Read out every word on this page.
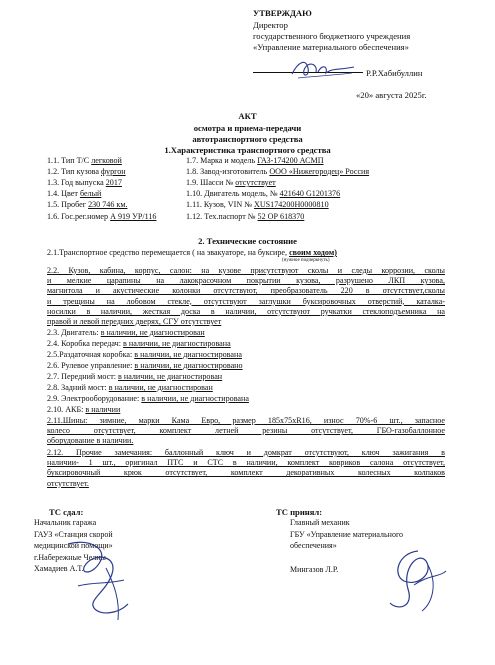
УТВЕРЖДАЮ
Директор
государственного бюджетного учреждения
«Управление материального обеспечения»
Р.Р.Хабибуллин
«20» августа 2025г.
АКТ
осмотра и приема-передачи
автотранспортного средства
1.Характеристика транспортного средства
1.1. Тип Т/С легковой
1.2. Тип кузова фургон
1.3. Год выпуска 2017
1.4. Цвет белый
1.5. Пробег 230 746 км.
1.6. Гос.рег.номер А 919 УР/116
1.7. Марка и модель ГАЗ-174200 АСМП
1.8. Завод-изготовитель ООО «Нижегородец» Россия
1.9. Шасси № отсутствует
1.10. Двигатель модель, № 421640 G1201376
1.11. Кузов, VIN № XUS174200H0000810
1.12. Тех.паспорт № 52 ОР 618370
2. Технические состояние
2.1.Транспортное средство перемещается ( на эвакуаторе, на буксире, своим ходом)
(нужное подчеркнуть)
2.2. Кузов, кабина, корпус, салон: на кузове присутствуют сколы и следы коррозии, сколы
и мелкие царапины на лакокрасочном покрытии кузова, разрушено ЛКП кузова,
магнитола и акустические колонки отсутствуют, преобразователь 220 в отсутствует,сколы
и трещины на лобовом стекле, отсутствуют заглушки буксировочных отверстий, каталка-
носилки в наличии, жесткая доска в наличии, отсутствуют ручкатки стеклоподъемника на
правой и левой передних дверях, СГУ отсутствует
2.3. Двигатель: в наличии, не диагностирован
2.4. Коробка передач: в наличии, не диагностирована
2.5.Раздаточная коробка: в наличии, не диагностирована
2.6. Рулевое управление: в наличии, не диагностировано
2.7. Передний мост: в наличии, не диагностирован
2.8. Задний мост: в наличии, не диагностирован
2.9. Электрооборудование: в наличии, не диагностирована
2.10. АКБ: в наличии
2.11.Шины: зимние, марки Кама Евро, размер 185х75хR16, износ 70%-6 шт., запасное
колесо отсутствует, комплект летней резины отсутствует, ГБО-газобаллонное
оборудование в наличии.
2.12. Прочие замечания: баллонный ключ и домкрат отсутствуют, ключ зажигания в
наличии- 1 шт., оригинал ПТС и СТС в наличии, комплект ковриков салона отсутствует,
буксировочный крюк отсутствует, комплект декоративных колесных колпаков
отсутствует.
ТС сдал:
Начальник гаража
ГАУЗ «Станция скорой
медицинской помощи»
г.Набережные Челны
Хамадиев А.Т.
ТС принял:
Главный механик
ГБУ «Управление материального
обеспечения»
Мингазов Л.Р.
